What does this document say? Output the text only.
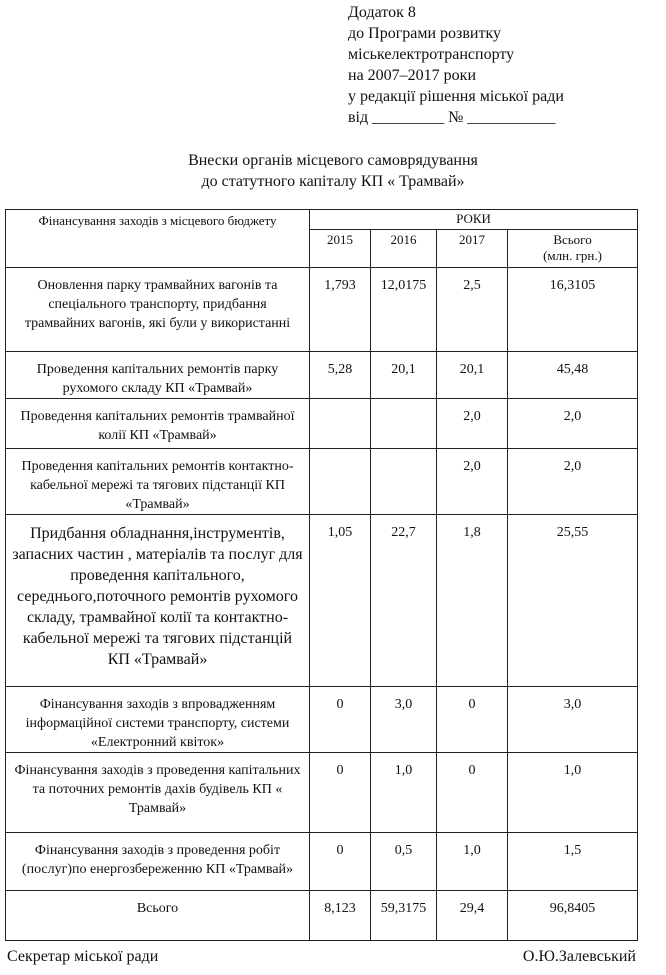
Додаток 8
до Програми розвитку
міськелектротранспорту
на 2007–2017 роки
у редакції рішення міської ради
від _________ № ___________
Внески органів місцевого самоврядування
до статутного капіталу КП « Трамвай»
Фінансування заходів з місцевого бюджету	РОКИ			
	2015	2016	2017	Всього
(млн. грн.)

Оновлення парку трамвайних вагонів та спеціального транспорту, придбання трамвайних вагонів, які були у використанні	1,793	12,0175	2,5	16,3105
Проведення капітальних ремонтів парку рухомого складу КП «Трамвай»	5,28	20,1	20,1	45,48
Проведення капітальних ремонтів трамвайної колії КП «Трамвай»			2,0	2,0
Проведення капітальних ремонтів контактно-кабельної мережі та тягових підстанції КП «Трамвай»			2,0	2,0
Придбання обладнання,інструментів, запасних частин , матеріалів та послуг для проведення капітального, середнього,поточного ремонтів рухомого складу, трамвайної колії та контактно-кабельної мережі та тягових підстанцій КП «Трамвай»	1,05	22,7	1,8	25,55
Фінансування заходів з впровадженням інформаційної системи транспорту, системи «Електронний квіток»	0	3,0	0	3,0
Фінансування заходів з проведення капітальних та поточних ремонтів дахів будівель КП « Трамвай»	0	1,0	0	1,0
Фінансування заходів з проведення робіт (послуг)по енергозбереженню КП «Трамвай»	0	0,5	1,0	1,5
Всього	8,123	59,3175	29,4	96,8405
Секретар міської ради	О.Ю.Залевський
